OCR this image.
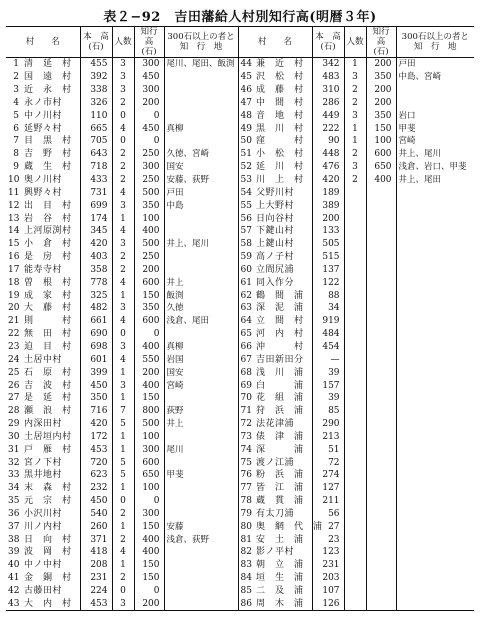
表２−92　吉田藩給人村別知行高(明暦３年)
村　　名		本　高
(石)	人数	知行高
(石)	300石以上の者と
知　行　地	村　　名		本　高
(石)	人数	知行高
(石)	300石以上の者と
知　行　地
1	清　延　村	455	3	300	尾川、尾田、飯渕	44	兼　近　村	342	1	200	戸田
2	国　遠　村	392	3	450		45	沢　松　村	483	3	350	中島、宮崎
3	近　永　村	338	3	300		46	成　藤　村	310	2	200	
4	永ノ市村	326	2	200		47	中　間　村	286	2	200	
5	中ノ川村	110	0	0		48	音　地　村	449	3	350	岩口
6	延野々村	665	4	450	真柳	49	黒　川　村	222	1	150	甲斐
7	目　黒　村	705	0	0		50	窪　　　村	90	1	100	宮崎
8	吉　野　村	643	2	250	久徳、宮崎	51	小　松　村	448	2	600	井上、尾川
9	蔵　生　村	718	2	300	国安	52	延　川　村	476	3	650	浅倉、岩口、甲斐
10	奥ノ川村	433	2	250	安藤、荻野	53	川　上　村	420	2	400	井上、尾田
11	興野々村	731	4	500	戸田	54	父野川村	189			
12	出　目　村	699	3	350	中島	55	上大野村	389			
13	岩　谷　村	174	1	100		56	日向谷村	200			
14	上河原渕村	345	4	400		57	下鍵山村	133			
15	小　倉　村	420	3	500	井上、尾川	58	上鍵山村	505			
16	是　房　村	403	2	250		59	高ノ子村	515			
17	能寿寺村	358	2	200		60	立間尻浦	137			
18	曽　根　村	778	4	600	井上	61	同入作分	122			
19	成　家　村	325	1	150	飯渕	62	鶴　間　浦	88			
20	大　藤　村	482	3	350	久徳	63	深　泥　浦	34			
21	則　　　村	661	4	600	浅倉、尾田	64	立　間　村	919			
22	無　田　村	690	0	0		65	河　内　村	484			
23	迫　目　村	698	3	400	真柳	66	沖　　　村	454			
24	土居中村	601	4	550	岩国	67	吉田新田分	—			
25	石　原　村	399	1	200	国安	68	浅　川　浦	39			
26	吉　波　村	450	3	400	宮崎	69	白　　　浦	157			
27	是　延　村	350	1	150		70	花　組　浦	39			
28	瀬　浪　村	716	7	800	荻野	71	狩　浜　浦	85			
29	内深田村	420	5	500	井上	72	法花津浦	290			
30	土居垣内村	172	1	100		73	俵　津　浦	213			
31	戸　雁　村	453	1	300	尾川	74	深　　　浦	51			
32	宮ノ下村	720	5	600		75	渡ノ江浦	72			
33	黒井地村	623	5	650	甲斐	76	粉　浜　浦	274			
34	末　森　村	232	1	100		77	皆　江　浦	127			
35	元　宗　村	450	0	0		78	蔵　貫　浦	211			
36	小沢川村	540	2	300		79	有太刀浦	56			
37	川ノ内村	260	1	150	安藤	80	奥　網　代　浦	27			
38	日　向　村	371	2	400	浅倉、荻野	81	安　土　浦	23			
39	波　岡　村	418	4	400		82	影ノ平村	123			
40	中ノ中村	208	1	150		83	朝　立　浦	231			
41	金　銅　村	231	2	150		84	垣　生　浦	203			
42	古藤田村	224	0	0		85	二　及　浦	107			
43	大　内　村	453	3	200		86	周　木　浦	126			
